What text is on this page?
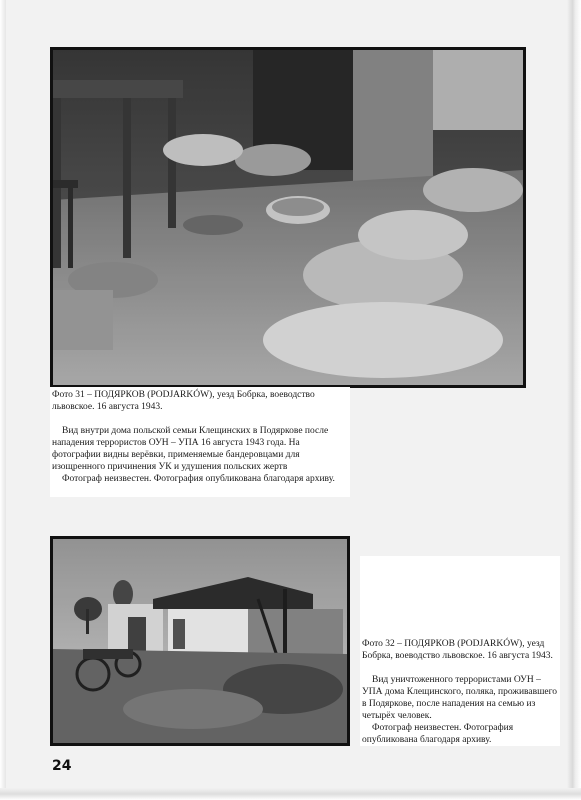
Фото 31 – ПОДЯРКОВ (PODJARKÓW), уезд Бобрка, воеводство львовское. 16 августа 1943.
Вид внутри дома польской семьи Клещинских в Подяркове после нападения террористов ОУН – УПА 16 августа 1943 года. На фотографии видны верёвки, применяемые бандеровцами для изощренного причинения УК и удушения польских жертв
Фотограф неизвестен. Фотография опубликована благодаря архиву.
Фото 32 – ПОДЯРКОВ (PODJARKÓW), уезд Бобрка, воеводство львовское. 16 августа 1943.
Вид уничтоженного террористами ОУН – УПА дома Клещинского, поляка, проживавшего в Подяркове, после нападения на семью из четырёх человек.
Фотограф неизвестен. Фотография опубликована благодаря архиву.
24
